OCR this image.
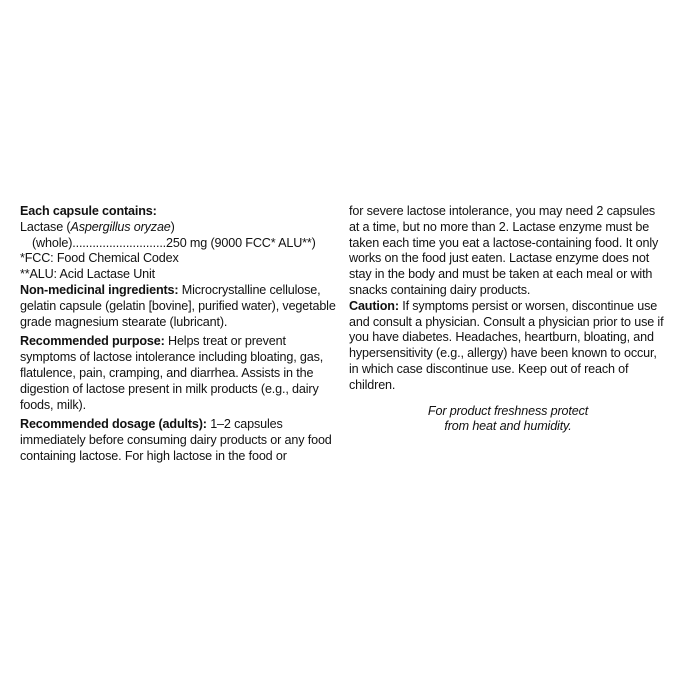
Each capsule contains:

Lactase (Aspergillus oryzae)

(whole)............................250 mg (9000 FCC* ALU**)

*FCC: Food Chemical Codex

**ALU: Acid Lactase Unit

Non-medicinal ingredients: Microcrystalline cellulose, gelatin capsule (gelatin [bovine], purified water), vegetable grade magnesium stearate (lubricant).

Recommended purpose: Helps treat or prevent symptoms of lactose intolerance including bloating, gas, flatulence, pain, cramping, and diarrhea. Assists in the digestion of lactose present in milk products (e.g., dairy foods, milk).

Recommended dosage (adults): 1–2 capsules immediately before consuming dairy products or any food containing lactose. For high lactose in the food or

for severe lactose intolerance, you may need 2 capsules at a time, but no more than 2. Lactase enzyme must be taken each time you eat a lactose-containing food. It only works on the food just eaten. Lactase enzyme does not stay in the body and must be taken at each meal or with snacks containing dairy products.

Caution: If symptoms persist or worsen, discontinue use and consult a physician. Consult a physician prior to use if you have diabetes. Headaches, heartburn, bloating, and hypersensitivity (e.g., allergy) have been known to occur, in which case discontinue use. Keep out of reach of children.

For product freshness protect
from heat and humidity.
